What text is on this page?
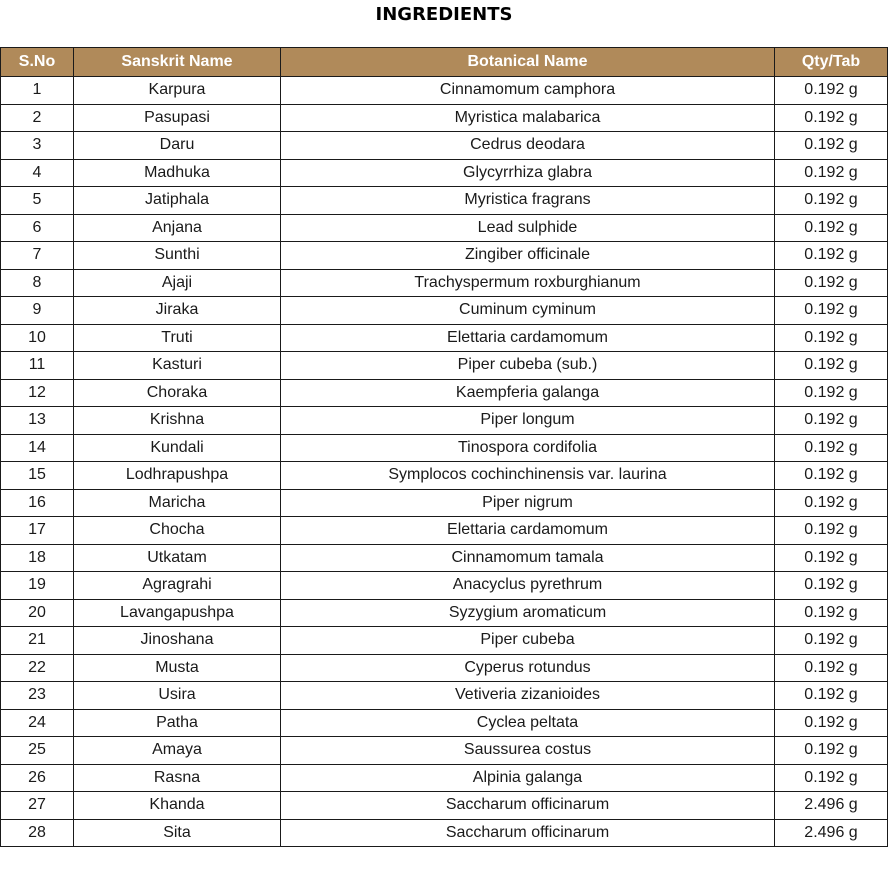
INGREDIENTS
S.No	Sanskrit Name	Botanical Name	Qty/Tab
1	Karpura	Cinnamomum camphora	0.192 g
2	Pasupasi	Myristica malabarica	0.192 g
3	Daru	Cedrus deodara	0.192 g
4	Madhuka	Glycyrrhiza glabra	0.192 g
5	Jatiphala	Myristica fragrans	0.192 g
6	Anjana	Lead sulphide	0.192 g
7	Sunthi	Zingiber officinale	0.192 g
8	Ajaji	Trachyspermum roxburghianum	0.192 g
9	Jiraka	Cuminum cyminum	0.192 g
10	Truti	Elettaria cardamomum	0.192 g
11	Kasturi	Piper cubeba (sub.)	0.192 g
12	Choraka	Kaempferia galanga	0.192 g
13	Krishna	Piper longum	0.192 g
14	Kundali	Tinospora cordifolia	0.192 g
15	Lodhrapushpa	Symplocos cochinchinensis var. laurina	0.192 g
16	Maricha	Piper nigrum	0.192 g
17	Chocha	Elettaria cardamomum	0.192 g
18	Utkatam	Cinnamomum tamala	0.192 g
19	Agragrahi	Anacyclus pyrethrum	0.192 g
20	Lavangapushpa	Syzygium aromaticum	0.192 g
21	Jinoshana	Piper cubeba	0.192 g
22	Musta	Cyperus rotundus	0.192 g
23	Usira	Vetiveria zizanioides	0.192 g
24	Patha	Cyclea peltata	0.192 g
25	Amaya	Saussurea costus	0.192 g
26	Rasna	Alpinia galanga	0.192 g
27	Khanda	Saccharum officinarum	2.496 g
28	Sita	Saccharum officinarum	2.496 g
